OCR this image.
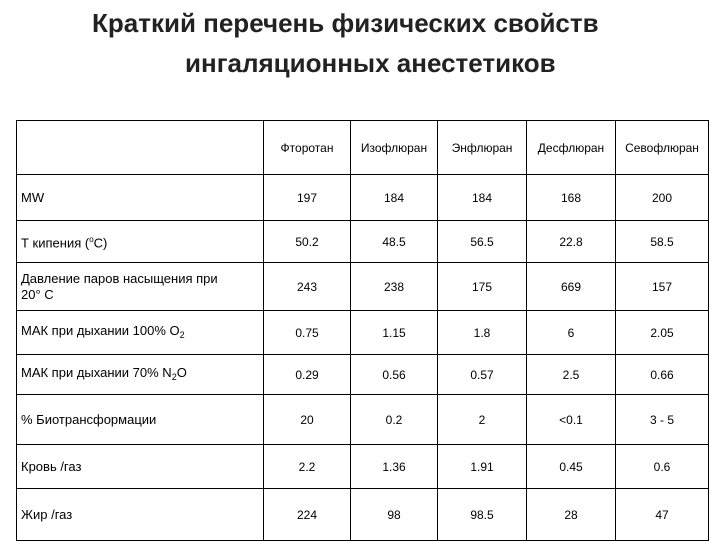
Краткий перечень физических свойств
ингаляционных анестетиков
	Фторотан	Изофлюран	Энфлюран	Десфлюран	Севофлюран
MW	197	184	184	168	200
Т кипения ($^о$С)	50.2	48.5	56.5	22.8	58.5
Давление паров насыщения при
20° С	243	238	175	669	157
МАК при дыхании 100% $O_2$	0.75	1.15	1.8	6	2.05
МАК при дыхании 70% $N_2O$	0.29	0.56	0.57	2.5	0.66
% Биотрансформации	20	0.2	2	<0.1	3 - 5
Кровь /газ	2.2	1.36	1.91	0.45	0.6
Жир /газ	224	98	98.5	28	47
